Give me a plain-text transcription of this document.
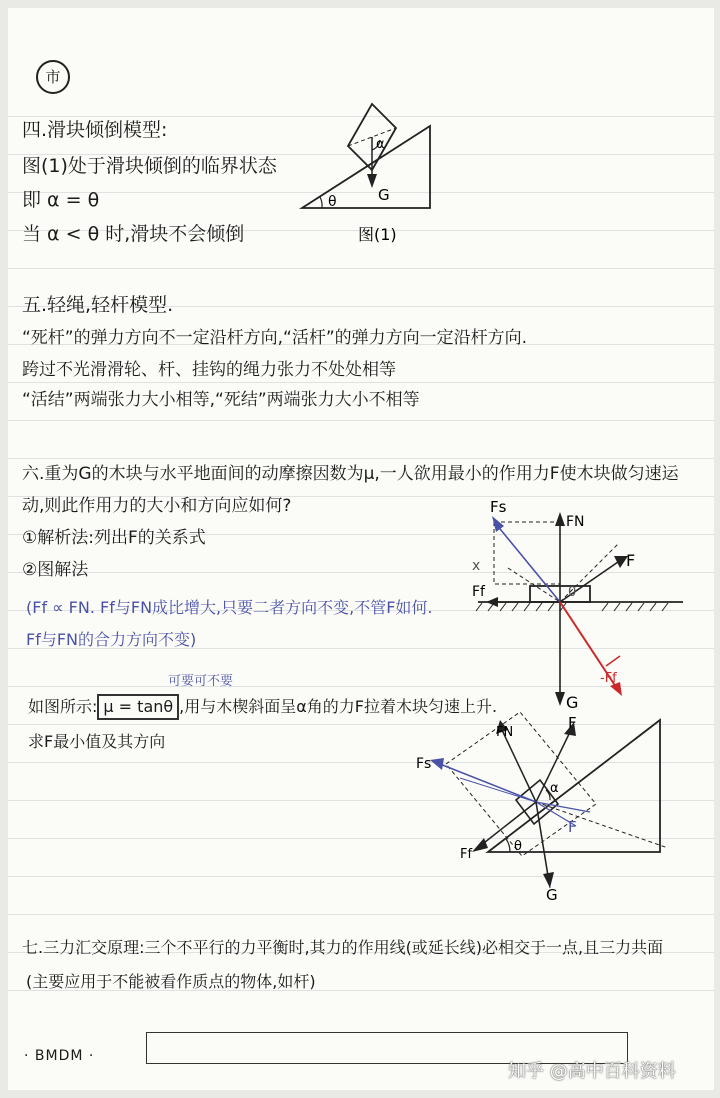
市
四.滑块倾倒模型:
图(1)处于滑块倾倒的临界状态
即 α = θ
当 α < θ 时,滑块不会倾倒
θ
α
G
图(1)
五.轻绳,轻杆模型.
“死杆”的弹力方向不一定沿杆方向,“活杆”的弹力方向一定沿杆方向.
跨过不光滑滑轮、杆、挂钩的绳力张力不处处相等
“活结”两端张力大小相等,“死结”两端张力大小不相等
六.重为G的木块与水平地面间的动摩擦因数为μ,一人欲用最小的作用力F使木块做匀速运
动,则此作用力的大小和方向应如何?
①解析法:列出F的关系式
②图解法
(Ff ∝ FN. Ff与FN成比增大,只要二者方向不变,不管F如何.
Ff与FN的合力方向不变)
Fs
FN
F
Ff
G
-Ff
x
0
可要可不要
如图所示: μ = tanθ ,用与木楔斜面呈α角的力F拉着木块匀速上升.
求F最小值及其方向
Fs
FN
F
F
Ff
G
θ
α
七.三力汇交原理:三个不平行的力平衡时,其力的作用线(或延长线)必相交于一点,且三力共面
(主要应用于不能被看作质点的物体,如杆)
· BMDM ·
知乎 @高中百科资料
